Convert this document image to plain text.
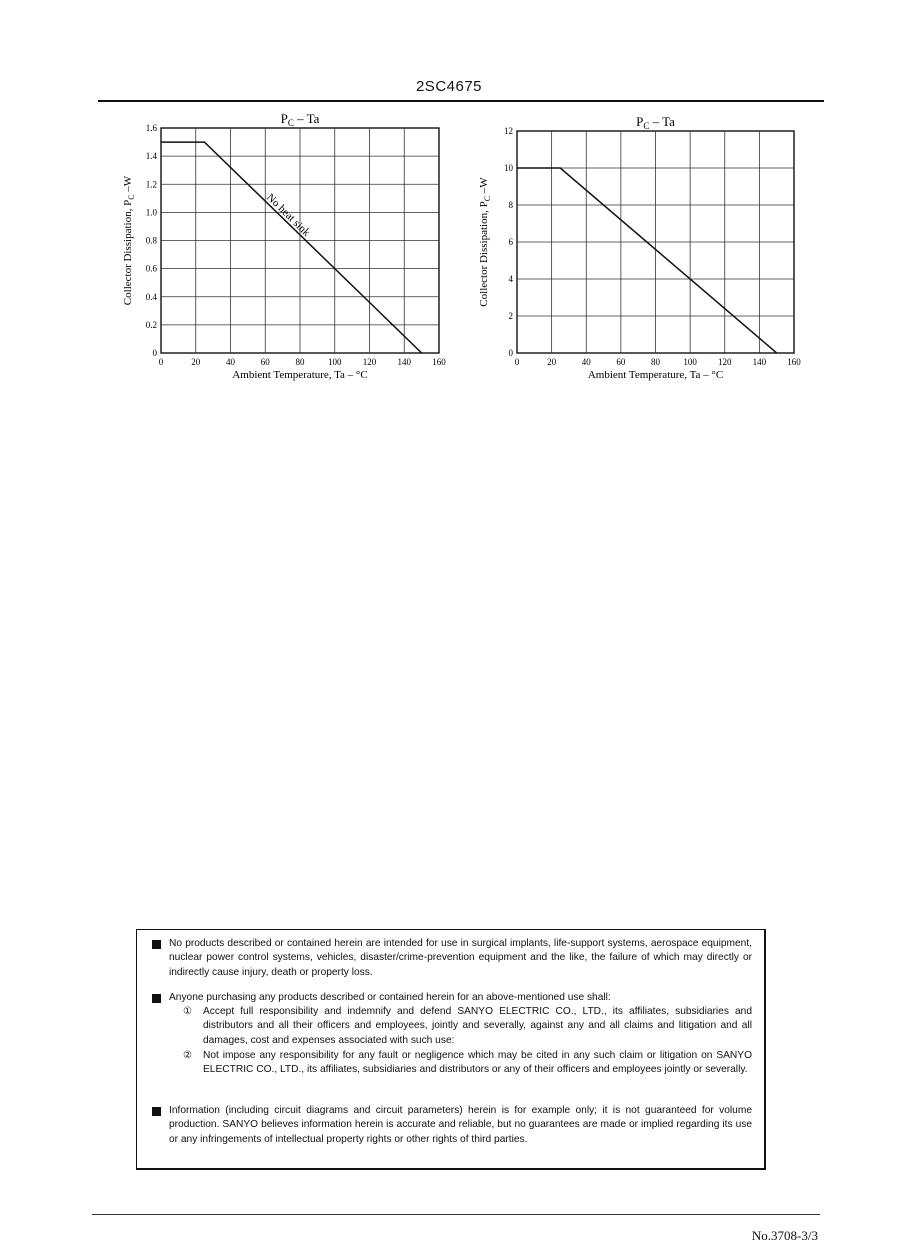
2SC4675
0	20	40	60	80	100 120 140 160
0
0.2
0.4
0.6
0.8
1.0
1.2
1.4
1.6
$P_C$ – Ta
Ambient Temperature, Ta – °C
Collector Dissipation, $P_C$ –W
No heat sink
0	20	40	60	80	100 120 140 160
0
2
4
6
8
10
12
$P_C$ – Ta
Ambient Temperature, Ta – °C
Collector Dissipation, $P_C$ –W
No products described or contained herein are intended for use in surgical implants, life-support systems, aerospace equipment, nuclear power control systems, vehicles, disaster/crime-prevention equipment and the like, the failure of which may directly or indirectly cause injury, death or property loss.
Anyone purchasing any products described or contained herein for an above-mentioned use shall:
①	Accept full responsibility and indemnify and defend SANYO ELECTRIC CO., LTD., its affiliates, subsidiaries and distributors and all their officers and employees, jointly and severally, against any and all claims and litigation and all damages, cost and expenses associated with such use:
②	Not impose any responsibility for any fault or negligence which may be cited in any such claim or litigation on SANYO ELECTRIC CO., LTD., its affiliates, subsidiaries and distributors or any of their officers and employees jointly or severally.
Information (including circuit diagrams and circuit parameters) herein is for example only; it is not guaranteed for volume production. SANYO believes information herein is accurate and reliable, but no guarantees are made or implied regarding its use or any infringements of intellectual property rights or other rights of third parties.
No.3708-3/3
